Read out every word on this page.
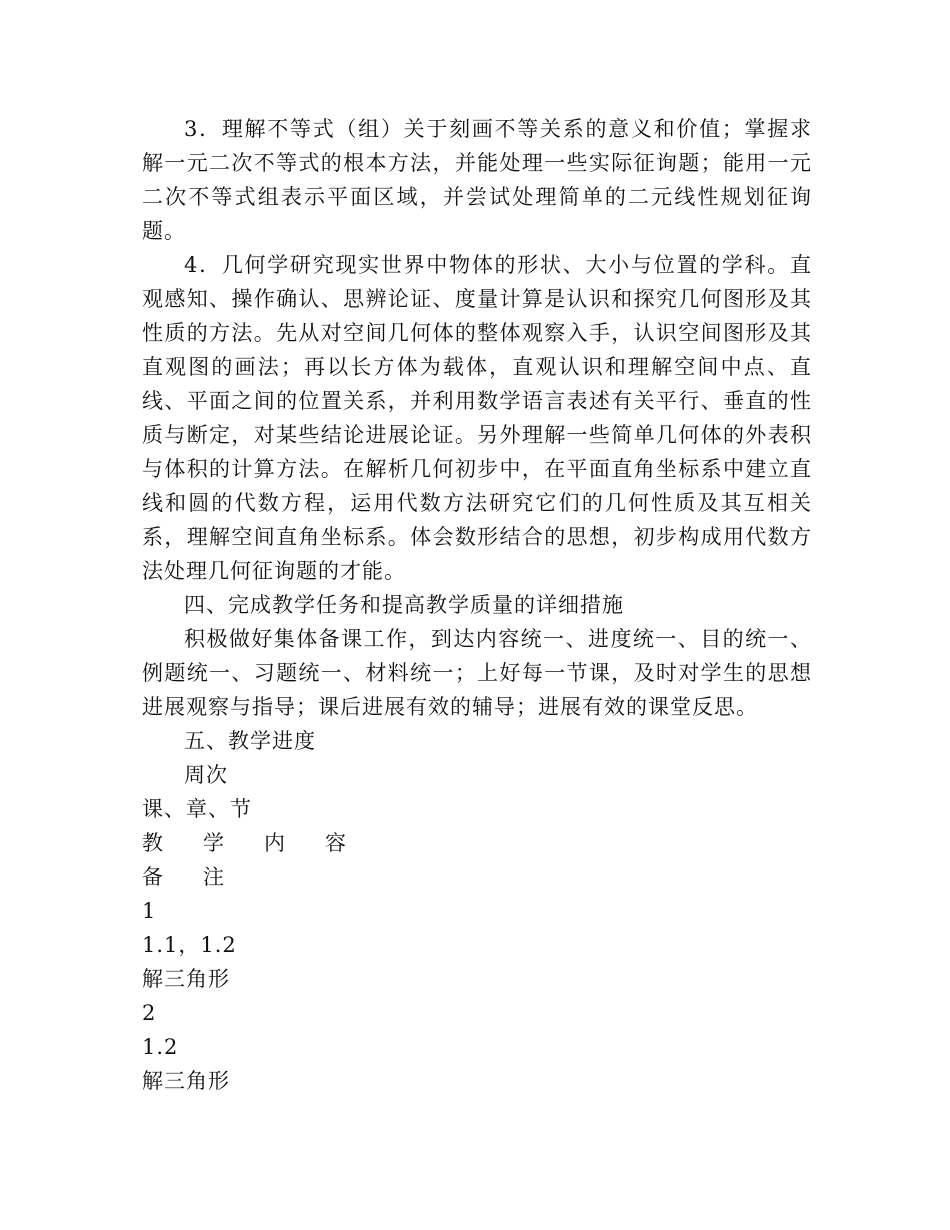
3．理解不等式（组）关于刻画不等关系的意义和价值；掌握求解一元二次不等式的根本方法，并能处理一些实际征询题；能用一元二次不等式组表示平面区域，并尝试处理简单的二元线性规划征询题。

4．几何学研究现实世界中物体的形状、大小与位置的学科。直观感知、操作确认、思辨论证、度量计算是认识和探究几何图形及其性质的方法。先从对空间几何体的整体观察入手，认识空间图形及其直观图的画法；再以长方体为载体，直观认识和理解空间中点、直线、平面之间的位置关系，并利用数学语言表述有关平行、垂直的性质与断定，对某些结论进展论证。另外理解一些简单几何体的外表积与体积的计算方法。在解析几何初步中，在平面直角坐标系中建立直线和圆的代数方程，运用代数方法研究它们的几何性质及其互相关系，理解空间直角坐标系。体会数形结合的思想，初步构成用代数方法处理几何征询题的才能。

四、完成教学任务和提高教学质量的详细措施

积极做好集体备课工作，到达内容统一、进度统一、目的统一、例题统一、习题统一、材料统一；上好每一节课，及时对学生的思想进展观察与指导；课后进展有效的辅导；进展有效的课堂反思。

五、教学进度

周次

课、章、节

教学内容

备注

1

1.1，1.2

解三角形

2

1.2

解三角形
